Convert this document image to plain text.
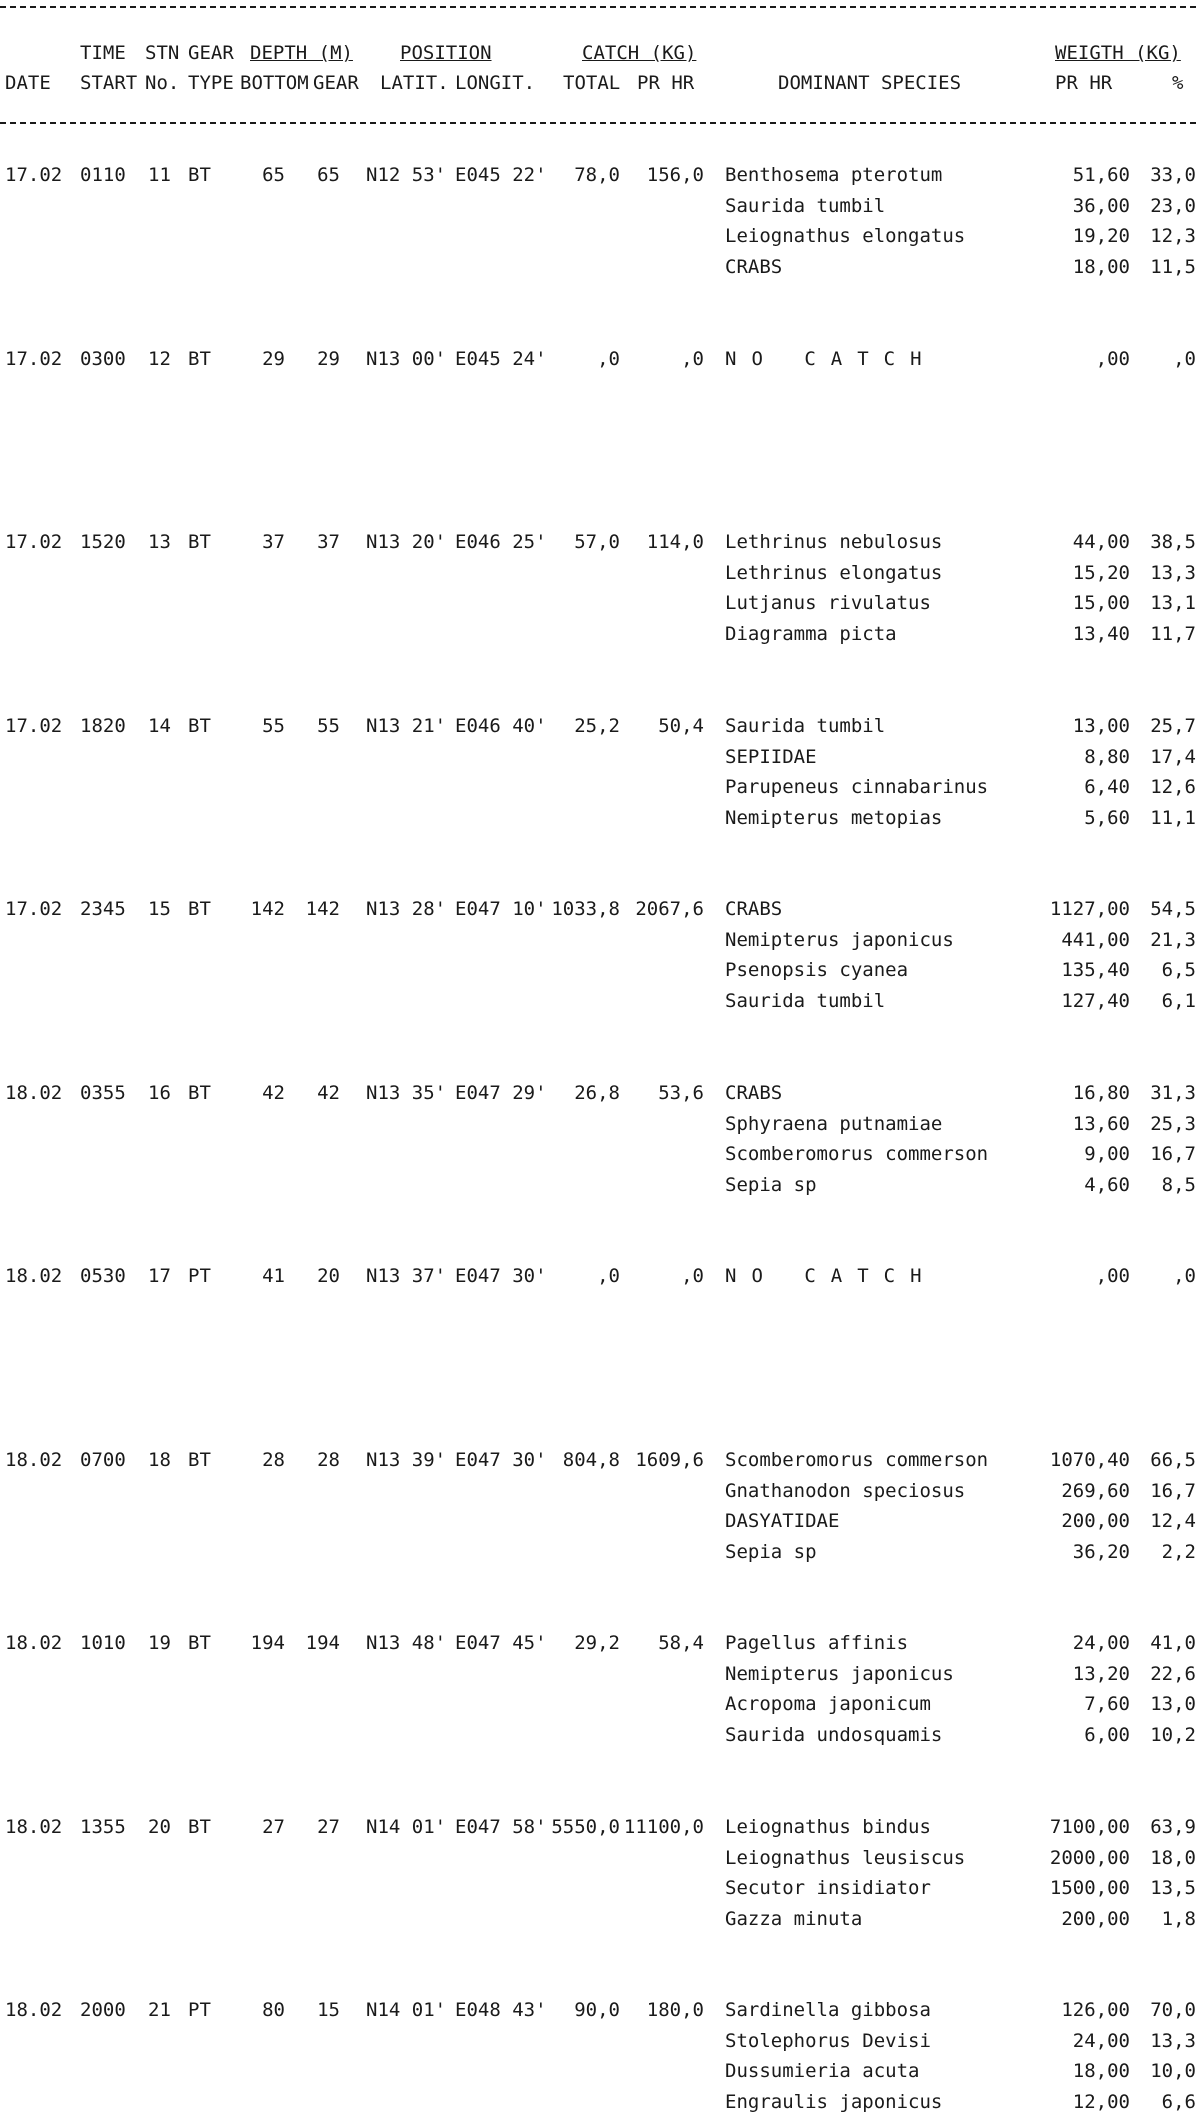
TIME STN GEAR DEPTH (M) POSITION	CATCH (KG)	WEIGTH (KG)
DATE START No. TYPE BOTTOM GEAR LATIT. LONGIT. TOTAL PR HR	DOMINANT SPECIES	PR HR	%
17.02 0110 11 BT	65	65 N12 53' E045 22'	78,0	156,0 Benthosema pterotum	51,60	33,0
Saurida tumbil	36,00	23,0
Leiognathus elongatus	19,20	12,3
CRABS	18,00	11,5
17.02 0300 12 BT	29	29 N13 00' E045 24'	,0	,0 NO CATCH	,00	,0
17.02 1520 13 BT	37	37 N13 20' E046 25'	57,0	114,0 Lethrinus nebulosus	44,00	38,5
Lethrinus elongatus	15,20	13,3
Lutjanus rivulatus	15,00	13,1
Diagramma picta	13,40	11,7
17.02 1820 14 BT	55	55 N13 21' E046 40'	25,2	50,4 Saurida tumbil	13,00	25,7
SEPIIDAE	8,80	17,4
Parupeneus cinnabarinus	6,40	12,6
Nemipterus metopias	5,60	11,1
17.02 2345 15 BT	142	142 N13 28' E047 10' 1033,8 2067,6 CRABS	1127,00	54,5
Nemipterus japonicus	441,00	21,3
Psenopsis cyanea	135,40	6,5
Saurida tumbil	127,40	6,1
18.02 0355 16 BT	42	42 N13 35' E047 29'	26,8	53,6 CRABS	16,80	31,3
Sphyraena putnamiae	13,60	25,3
Scomberomorus commerson	9,00	16,7
Sepia sp	4,60	8,5
18.02 0530 17 PT	41	20 N13 37' E047 30'	,0	,0 NO CATCH	,00	,0
18.02 0700 18 BT	28	28 N13 39' E047 30' 804,8 1609,6 Scomberomorus commerson	1070,40	66,5
Gnathanodon speciosus	269,60	16,7
DASYATIDAE	200,00	12,4
Sepia sp	36,20	2,2
18.02 1010 19 BT	194	194 N13 48' E047 45'	29,2	58,4 Pagellus affinis	24,00	41,0
Nemipterus japonicus	13,20	22,6
Acropoma japonicum	7,60	13,0
Saurida undosquamis	6,00	10,2
18.02 1355 20 BT	27	27 N14 01' E047 58' 5550,0 11100,0 Leiognathus bindus	7100,00	63,9
Leiognathus leusiscus	2000,00	18,0
Secutor insidiator	1500,00	13,5
Gazza minuta	200,00	1,8
18.02 2000 21 PT	80	15 N14 01' E048 43'	90,0	180,0 Sardinella gibbosa	126,00	70,0
Stolephorus Devisi	24,00	13,3
Dussumieria acuta	18,00	10,0
Engraulis japonicus	12,00	6,6
